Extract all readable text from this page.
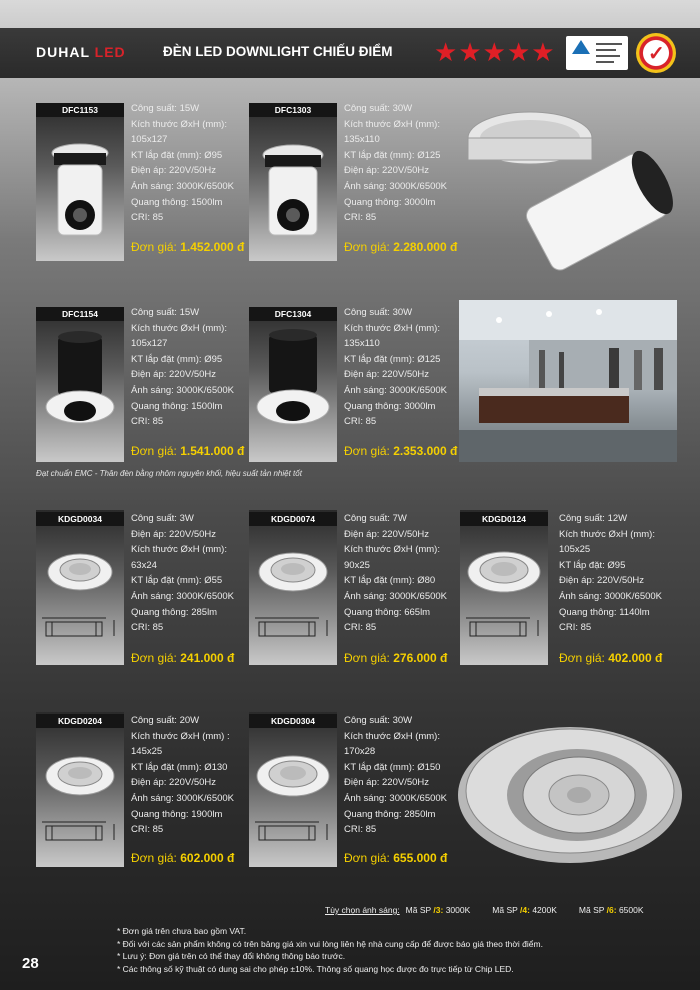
DUHAL LED	ĐÈN LED DOWNLIGHT CHIẾU ĐIỂM ★ ★ ★ ★ ★	✓
DFC1153	Công suất: 15W
Kích thước ØxH (mm):
105x127
KT lắp đặt (mm): Ø95
Điện áp: 220V/50Hz
Ánh sáng: 3000K/6500K
Quang thông: 1500lm
CRI: 85
Đơn giá: 1.452.000 đ
DFC1303	Công suất: 30W
Kích thước ØxH (mm):
135x110
KT lắp đặt (mm): Ø125
Điện áp: 220V/50Hz
Ánh sáng: 3000K/6500K
Quang thông: 3000lm
CRI: 85
Đơn giá: 2.280.000 đ
DFC1154	Công suất: 15W
Kích thước ØxH (mm):
105x127
KT lắp đặt (mm): Ø95
Điện áp: 220V/50Hz
Ánh sáng: 3000K/6500K
Quang thông: 1500lm
CRI: 85
Đơn giá: 1.541.000 đ
DFC1304	Công suất: 30W
Kích thước ØxH (mm):
135x110
KT lắp đặt (mm): Ø125
Điện áp: 220V/50Hz
Ánh sáng: 3000K/6500K
Quang thông: 3000lm
CRI: 85
Đơn giá: 2.353.000 đ
Đạt chuẩn EMC - Thân đèn bằng nhôm nguyên khối, hiệu suất tản nhiệt tốt
KDGD0034	Công suất: 3W
Điện áp: 220V/50Hz
Kích thước ØxH (mm):
63x24
KT lắp đặt (mm): Ø55
Ánh sáng: 3000K/6500K
Quang thông: 285lm
CRI: 85
Đơn giá: 241.000 đ
KDGD0074	Công suất: 7W
Điện áp: 220V/50Hz
Kích thước ØxH (mm):
90x25
KT lắp đặt (mm): Ø80
Ánh sáng: 3000K/6500K
Quang thông: 665lm
CRI: 85
Đơn giá: 276.000 đ
KDGD0124	Công suất: 12W
Kích thước ØxH (mm):
105x25
KT lắp đặt: Ø95
Điện áp: 220V/50Hz
Ánh sáng: 3000K/6500K
Quang thông: 1140lm
CRI: 85
Đơn giá: 402.000 đ
KDGD0204	Công suất: 20W
Kích thước ØxH (mm) :
145x25
KT lắp đặt (mm): Ø130
Điện áp: 220V/50Hz
Ánh sáng: 3000K/6500K
Quang thông: 1900lm
CRI: 85
Đơn giá: 602.000 đ
KDGD0304	Công suất: 30W
Kích thước ØxH (mm):
170x28
KT lắp đặt (mm): Ø150
Điện áp: 220V/50Hz
Ánh sáng: 3000K/6500K
Quang thông: 2850lm
CRI: 85
Đơn giá: 655.000 đ
Tùy chọn ánh sáng: Mã SP /3: 3000K	Mã SP /4: 4200K	Mã SP /6: 6500K
* Đơn giá trên chưa bao gồm VAT.
* Đối với các sản phẩm không có trên bảng giá xin vui lòng liên hệ nhà cung cấp để được báo giá theo thời điểm.
* Lưu ý: Đơn giá trên có thể thay đổi không thông báo trước.
* Các thông số kỹ thuật có dung sai cho phép ±10%. Thông số quang học được đo trực tiếp từ Chip LED.
28
